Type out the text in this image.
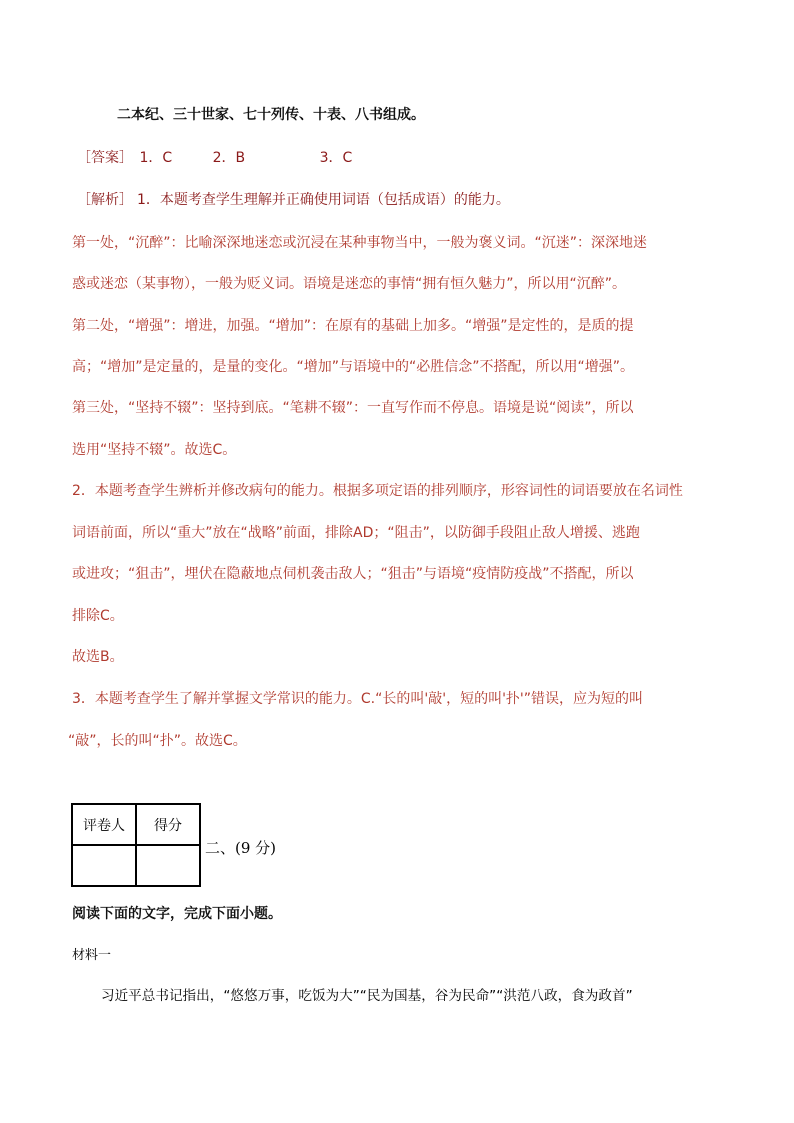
二本纪、三十世家、七十列传、十表、八书组成。
［答案］ 1．C	2．B	3．C
［解析］ 1．本题考查学生理解并正确使用词语（包括成语）的能力。
第一处，“沉醉”：比喻深深地迷恋或沉浸在某种事物当中，一般为褒义词。“沉迷”：深深地迷
惑或迷恋（某事物），一般为贬义词。语境是迷恋的事情“拥有恒久魅力”，所以用“沉醉”。
第二处，“增强”：增进，加强。“增加”：在原有的基础上加多。“增强”是定性的，是质的提
高；“增加”是定量的，是量的变化。“增加”与语境中的“必胜信念”不搭配，所以用“增强”。
第三处，“坚持不辍”：坚持到底。“笔耕不辍”：一直写作而不停息。语境是说“阅读”，所以
选用“坚持不辍”。故选C。
2．本题考查学生辨析并修改病句的能力。根据多项定语的排列顺序，形容词性的词语要放在名词性
词语前面，所以“重大”放在“战略”前面，排除AD；“阻击”，以防御手段阻止敌人增援、逃跑
或进攻；“狙击”，埋伏在隐蔽地点伺机袭击敌人；“狙击”与语境“疫情防疫战”不搭配，所以
排除C。
故选B。
3．本题考查学生了解并掌握文学常识的能力。C.“长的叫'敲'，短的叫'扑'”错误，应为短的叫
“敲”，长的叫“扑”。故选C。
评卷人	得分

二、(9 分)
阅读下面的文字，完成下面小题。
材料一
习近平总书记指出，“悠悠万事，吃饭为大”“民为国基，谷为民命”“洪范八政，食为政首”
